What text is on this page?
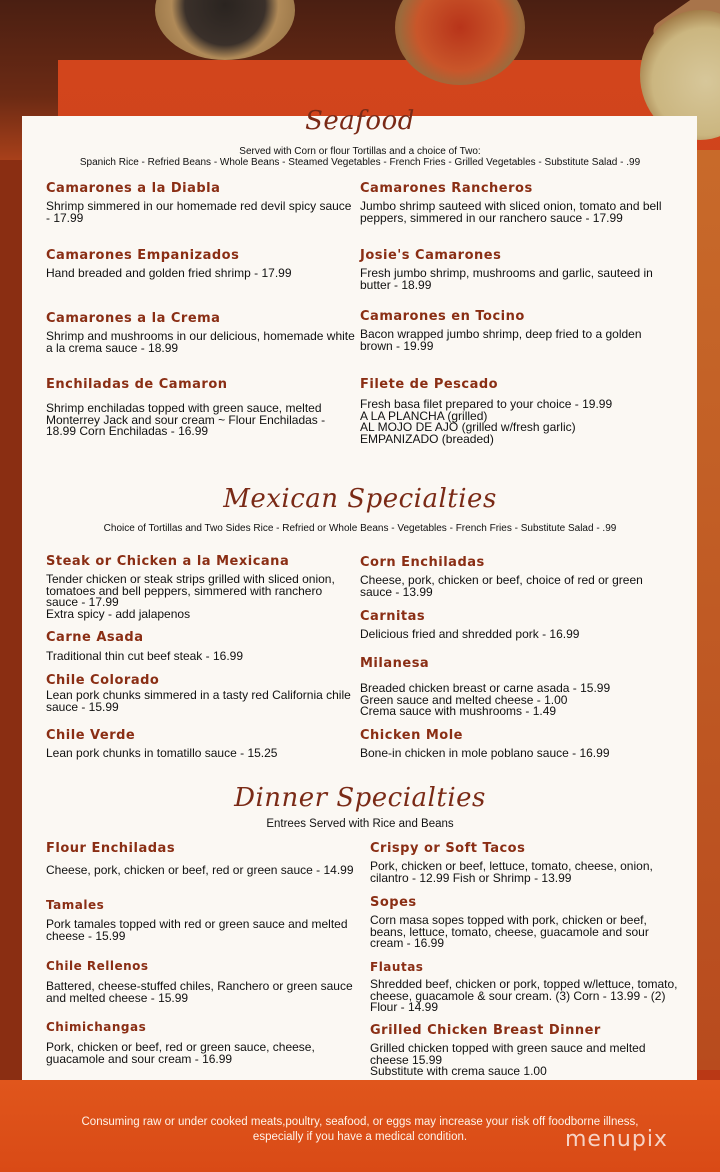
Seafood
Served with Corn or flour Tortillas and a choice of Two:
Spanich Rice - Refried Beans - Whole Beans - Steamed Vegetables - French Fries - Grilled Vegetables - Substitute Salad - .99
Camarones a la Diabla
Shrimp simmered in our homemade red devil spicy sauce - 17.99
Camarones Rancheros
Jumbo shrimp sauteed with sliced onion, tomato and bell peppers, simmered in our ranchero sauce - 17.99
Camarones Empanizados
Hand breaded and golden fried shrimp - 17.99
Josie's Camarones
Fresh jumbo shrimp, mushrooms and garlic, sauteed in butter - 18.99
Camarones a la Crema
Shrimp and mushrooms in our delicious, homemade white a la crema sauce - 18.99
Camarones en Tocino
Bacon wrapped jumbo shrimp, deep fried to a golden brown - 19.99
Enchiladas de Camaron
Shrimp enchiladas topped with green sauce, melted Monterrey Jack and sour cream ~ Flour Enchiladas - 18.99 Corn Enchiladas - 16.99
Filete de Pescado
Fresh basa filet prepared to your choice - 19.99
A LA PLANCHA (grilled)
AL MOJO DE AJO (grilled w/fresh garlic)
EMPANIZADO (breaded)
Mexican Specialties
Choice of Tortillas and Two Sides Rice - Refried or Whole Beans - Vegetables - French Fries - Substitute Salad - .99
Steak or Chicken a la Mexicana
Tender chicken or steak strips grilled with sliced onion, tomatoes and bell peppers, simmered with ranchero sauce - 17.99
Extra spicy - add jalapenos
Corn Enchiladas
Cheese, pork, chicken or beef, choice of red or green sauce - 13.99
Carnitas
Delicious fried and shredded pork - 16.99
Carne Asada
Traditional thin cut beef steak - 16.99	Milanesa
Breaded chicken breast or carne asada - 15.99
Green sauce and melted cheese - 1.00
Crema sauce with mushrooms - 1.49
Chile Colorado
Lean pork chunks simmered in a tasty red California chile sauce - 15.99
Chile Verde
Lean pork chunks in tomatillo sauce - 15.25
Chicken Mole
Bone-in chicken in mole poblano sauce - 16.99
Dinner Specialties
Entrees Served with Rice and Beans
Flour Enchiladas
Cheese, pork, chicken or beef, red or green sauce - 14.99
Crispy or Soft Tacos
Pork, chicken or beef, lettuce, tomato, cheese, onion, cilantro - 12.99 Fish or Shrimp - 13.99
Tamales
Pork tamales topped with red or green sauce and melted cheese - 15.99
Sopes
Corn masa sopes topped with pork, chicken or beef, beans, lettuce, tomato, cheese, guacamole and sour cream - 16.99
Chile Rellenos
Battered, cheese-stuffed chiles, Ranchero or green sauce and melted cheese - 15.99
Flautas
Shredded beef, chicken or pork, topped w/lettuce, tomato, cheese, guacamole & sour cream. (3) Corn - 13.99 - (2) Flour - 14.99
Chimichangas
Pork, chicken or beef, red or green sauce, cheese, guacamole and sour cream - 16.99
Grilled Chicken Breast Dinner
Grilled chicken topped with green sauce and melted cheese 15.99
Substitute with crema sauce 1.00
Consuming raw or under cooked meats,poultry, seafood, or eggs may increase your risk off foodborne illness,
especially if you have a medical condition.	menupix
